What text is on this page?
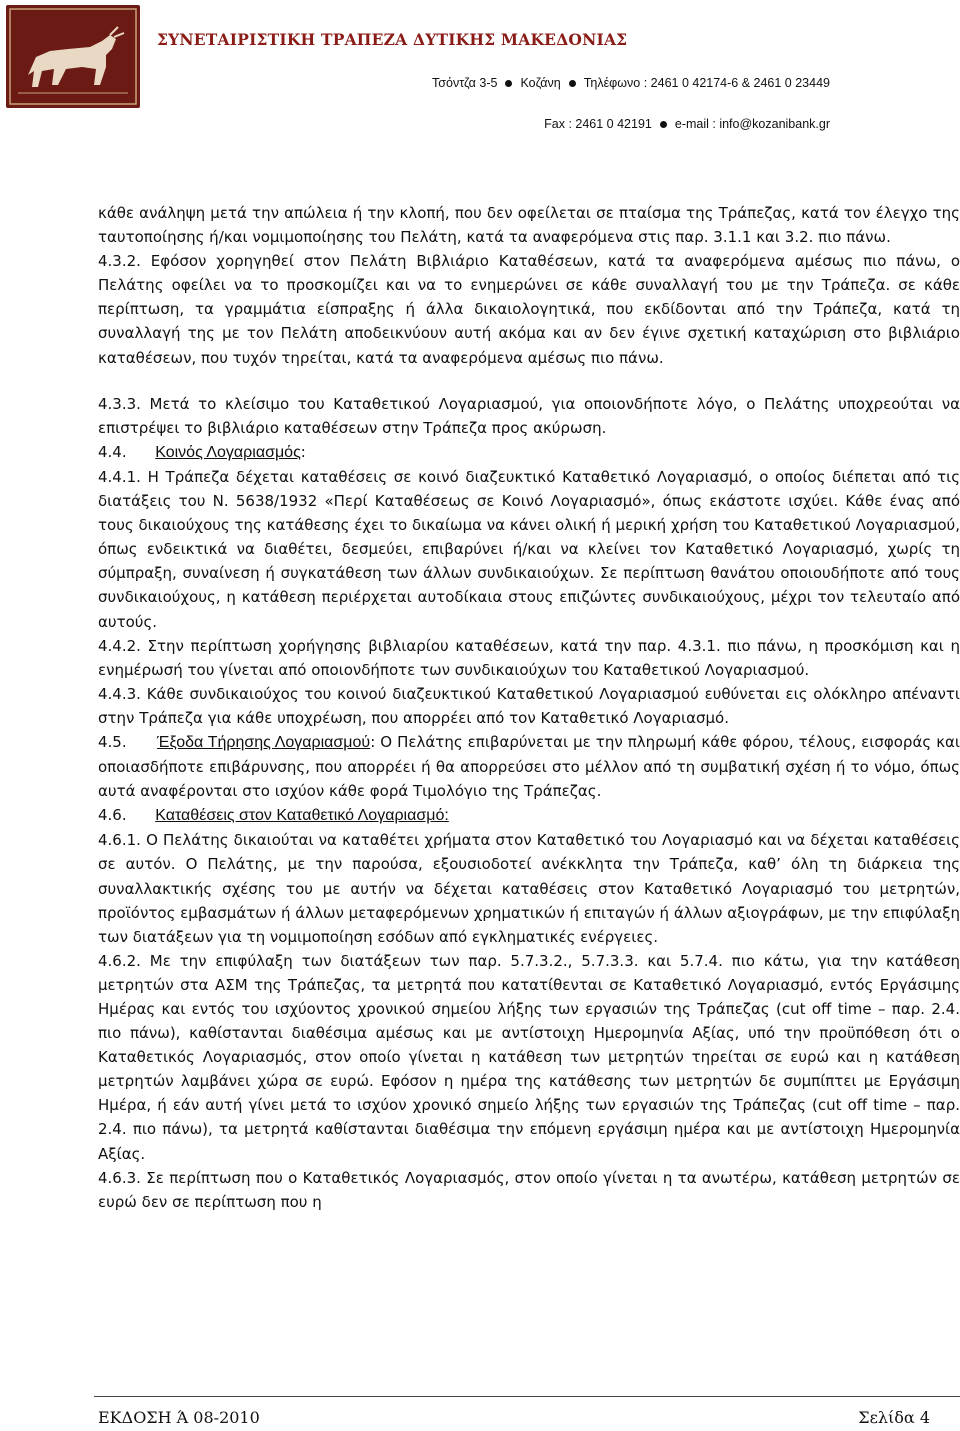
ΣΥΝΕΤΑΙΡΙΣΤΙΚΗ ΤΡΑΠΕΖΑ ΔΥΤΙΚΗΣ ΜΑΚΕΔΟΝΙΑΣ
Τσόντζα 3-5 Κοζάνη Τηλέφωνο : 2461 0 42174-6 & 2461 0 23449
Fax : 2461 0 42191 e-mail : info@kozanibank.gr

κάθε ανάληψη μετά την απώλεια ή την κλοπή, που δεν οφείλεται σε πταίσμα της Τράπεζας, κατά τον έλεγχο της ταυτοποίησης ή/και νομιμοποίησης του Πελάτη, κατά τα αναφερόμενα στις παρ. 3.1.1 και 3.2. πιο πάνω.

4.3.2. Εφόσον χορηγηθεί στον Πελάτη Βιβλιάριο Καταθέσεων, κατά τα αναφερόμενα αμέσως πιο πάνω, ο Πελάτης οφείλει να το προσκομίζει και να το ενημερώνει σε κάθε συναλλαγή του με την Τράπεζα. σε κάθε περίπτωση, τα γραμμάτια είσπραξης ή άλλα δικαιολογητικά, που εκδίδονται από την Τράπεζα, κατά τη συναλλαγή της με τον Πελάτη αποδεικνύουν αυτή ακόμα και αν δεν έγινε σχετική καταχώριση στο βιβλιάριο καταθέσεων, που τυχόν τηρείται, κατά τα αναφερόμενα αμέσως πιο πάνω.

4.3.3. Μετά το κλείσιμο του Καταθετικού Λογαριασμού, για οποιονδήποτε λόγο, ο Πελάτης υποχρεούται να επιστρέψει το βιβλιάριο καταθέσεων στην Τράπεζα προς ακύρωση.

4.4. Κοινός Λογαριασμός:

4.4.1. Η Τράπεζα δέχεται καταθέσεις σε κοινό διαζευκτικό Καταθετικό Λογαριασμό, ο οποίος διέπεται από τις διατάξεις του Ν. 5638/1932 «Περί Καταθέσεως σε Κοινό Λογαριασμό», όπως εκάστοτε ισχύει. Κάθε ένας από τους δικαιούχους της κατάθεσης έχει το δικαίωμα να κάνει ολική ή μερική χρήση του Καταθετικού Λογαριασμού, όπως ενδεικτικά να διαθέτει, δεσμεύει, επιβαρύνει ή/και να κλείνει τον Καταθετικό Λογαριασμό, χωρίς τη σύμπραξη, συναίνεση ή συγκατάθεση των άλλων συνδικαιούχων. Σε περίπτωση θανάτου οποιουδήποτε από τους συνδικαιούχους, η κατάθεση περιέρχεται αυτοδίκαια στους επιζώντες συνδικαιούχους, μέχρι τον τελευταίο από αυτούς.

4.4.2. Στην περίπτωση χορήγησης βιβλιαρίου καταθέσεων, κατά την παρ. 4.3.1. πιο πάνω, η προσκόμιση και η ενημέρωσή του γίνεται από οποιονδήποτε των συνδικαιούχων του Καταθετικού Λογαριασμού.

4.4.3. Κάθε συνδικαιούχος του κοινού διαζευκτικού Καταθετικού Λογαριασμού ευθύνεται εις ολόκληρο απέναντι στην Τράπεζα για κάθε υποχρέωση, που απορρέει από τον Καταθετικό Λογαριασμό.

4.5. Έξοδα Τήρησης Λογαριασμού: Ο Πελάτης επιβαρύνεται με την πληρωμή κάθε φόρου, τέλους, εισφοράς και οποιασδήποτε επιβάρυνσης, που απορρέει ή θα απορρεύσει στο μέλλον από τη συμβατική σχέση ή το νόμο, όπως αυτά αναφέρονται στο ισχύον κάθε φορά Τιμολόγιο της Τράπεζας.

4.6. Καταθέσεις στον Καταθετικό Λογαριασμό:

4.6.1. Ο Πελάτης δικαιούται να καταθέτει χρήματα στον Καταθετικό του Λογαριασμό και να δέχεται καταθέσεις σε αυτόν. Ο Πελάτης, με την παρούσα, εξουσιοδοτεί ανέκκλητα την Τράπεζα, καθ’ όλη τη διάρκεια της συναλλακτικής σχέσης του με αυτήν να δέχεται καταθέσεις στον Καταθετικό Λογαριασμό του μετρητών, προϊόντος εμβασμάτων ή άλλων μεταφερόμενων χρηματικών ή επιταγών ή άλλων αξιογράφων, με την επιφύλαξη των διατάξεων για τη νομιμοποίηση εσόδων από εγκληματικές ενέργειες.

4.6.2. Με την επιφύλαξη των διατάξεων των παρ. 5.7.3.2., 5.7.3.3. και 5.7.4. πιο κάτω, για την κατάθεση μετρητών στα ΑΣΜ της Τράπεζας, τα μετρητά που κατατίθενται σε Καταθετικό Λογαριασμό, εντός Εργάσιμης Ημέρας και εντός του ισχύοντος χρονικού σημείου λήξης των εργασιών της Τράπεζας (cut off time – παρ. 2.4. πιο πάνω), καθίστανται διαθέσιμα αμέσως και με αντίστοιχη Ημερομηνία Αξίας, υπό την προϋπόθεση ότι ο Καταθετικός Λογαριασμός, στον οποίο γίνεται η κατάθεση των μετρητών τηρείται σε ευρώ και η κατάθεση μετρητών λαμβάνει χώρα σε ευρώ. Εφόσον η ημέρα της κατάθεσης των μετρητών δε συμπίπτει με Εργάσιμη Ημέρα, ή εάν αυτή γίνει μετά το ισχύον χρονικό σημείο λήξης των εργασιών της Τράπεζας (cut off time – παρ. 2.4. πιο πάνω), τα μετρητά καθίστανται διαθέσιμα την επόμενη εργάσιμη ημέρα και με αντίστοιχη Ημερομηνία Αξίας.

4.6.3. Σε περίπτωση που ο Καταθετικός Λογαριασμός, στον οποίο γίνεται η τα ανωτέρω, κατάθεση μετρητών σε ευρώ δεν σε περίπτωση που η

ΕΚΔΟΣΗ Ά 08-2010	Σελίδα 4
